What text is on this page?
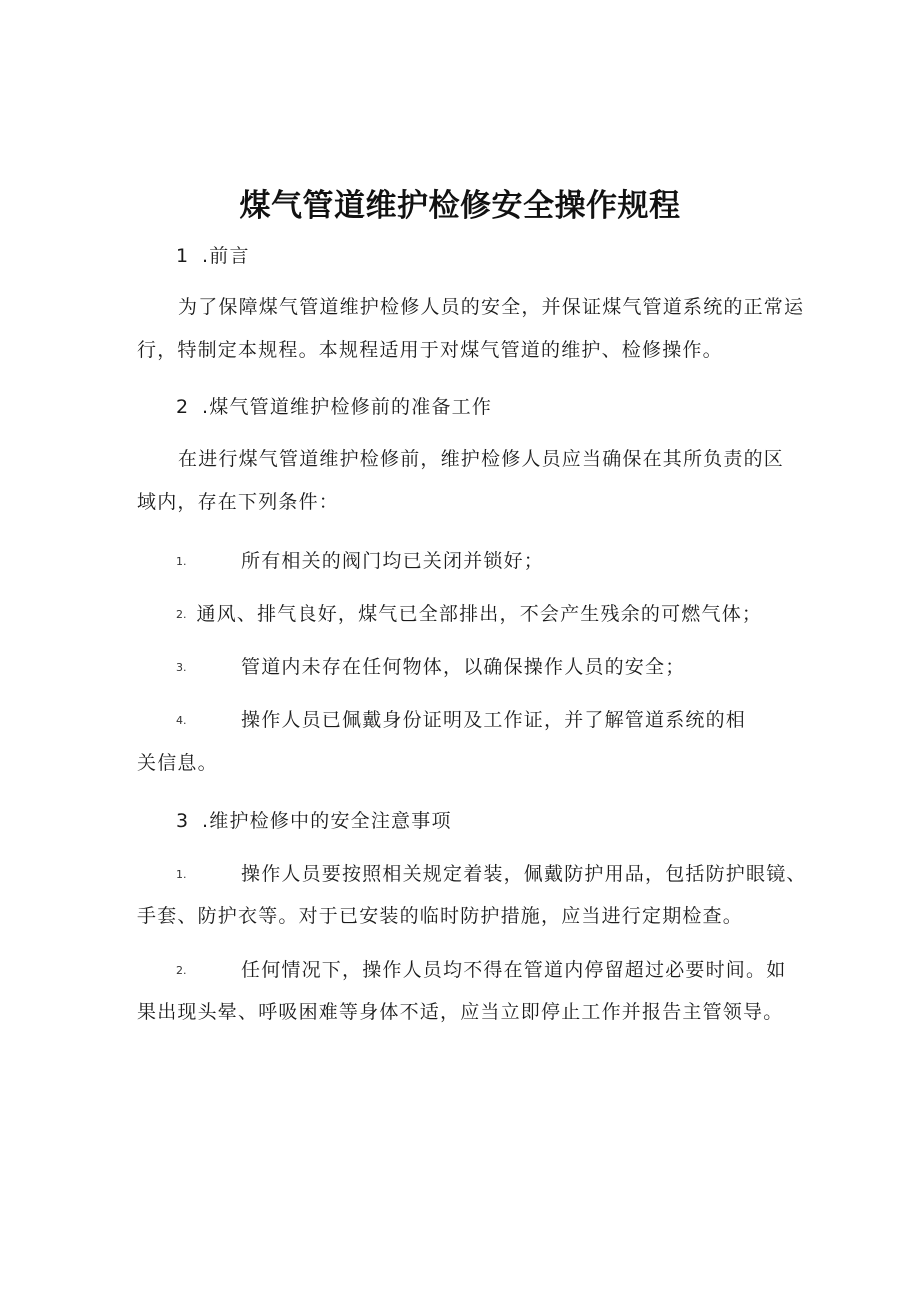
煤气管道维护检修安全操作规程
1 .前言
为了保障煤气管道维护检修人员的安全，并保证煤气管道系统的正常运
行，特制定本规程。本规程适用于对煤气管道的维护、检修操作。
2 .煤气管道维护检修前的准备工作
在进行煤气管道维护检修前，维护检修人员应当确保在其所负责的区
域内，存在下列条件：
1.	所有相关的阀门均已关闭并锁好；
2. 通风、排气良好，煤气已全部排出，不会产生残余的可燃气体；
3.	管道内未存在任何物体，以确保操作人员的安全；
4.	操作人员已佩戴身份证明及工作证，并了解管道系统的相
关信息。
3 .维护检修中的安全注意事项
1.	操作人员要按照相关规定着装，佩戴防护用品，包括防护眼镜、
手套、防护衣等。对于已安装的临时防护措施，应当进行定期检查。
2.	任何情况下，操作人员均不得在管道内停留超过必要时间。如
果出现头晕、呼吸困难等身体不适，应当立即停止工作并报告主管领导。
